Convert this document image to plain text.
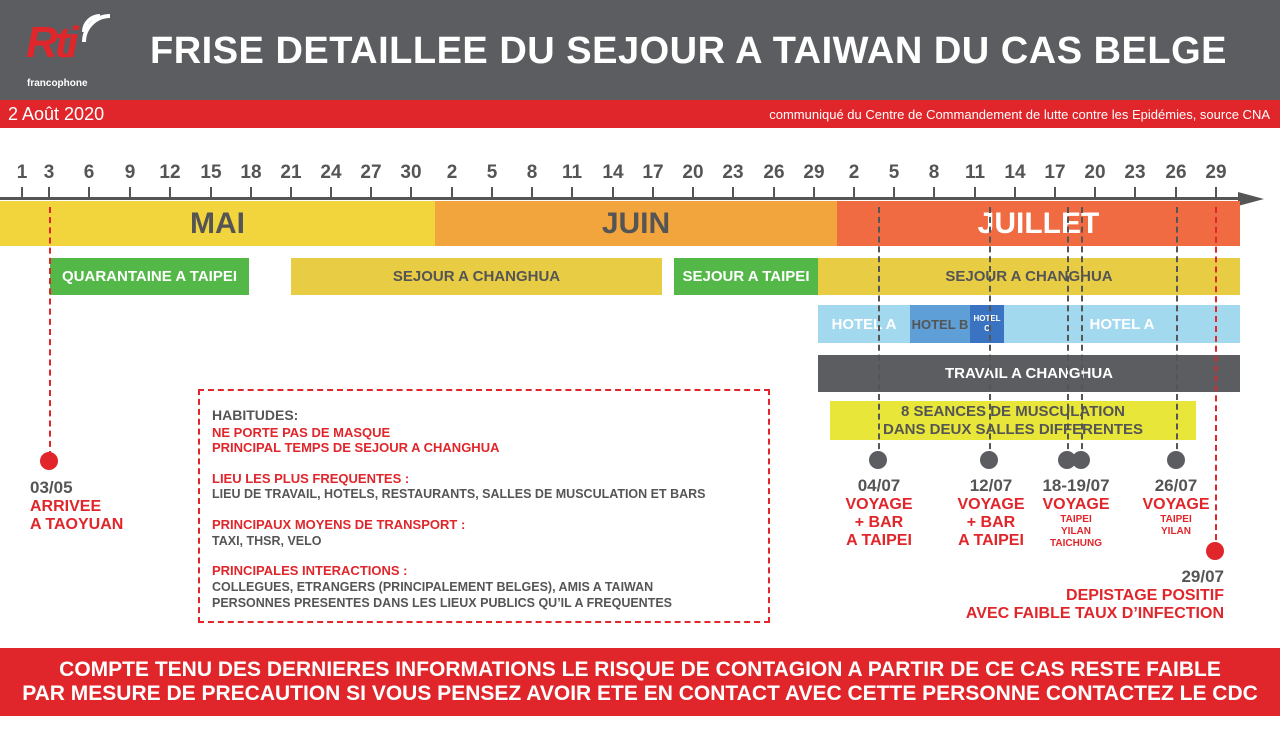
Rti
francophone
FRISE DETAILLEE DU SEJOUR A TAIWAN DU CAS BELGE
2 Août 2020	communiqué du Centre de Commandement de lutte contre les Epidémies, source CNA
1 3	6	9	12	15 18 21 24 27 30	2	5	8	11	14 17 20 23	26 29	2	5	8	11	14 17 20 23	26 29
MAI	JUIN	JUILLET
QUARANTAINE A TAIPEI	SEJOUR A CHANGHUA	SEJOUR A TAIPEI	SEJOUR A CHANGHUA
HOTEL A	HOTEL B HOTEL C	HOTEL A
TRAVAIL A CHANGHUA
8 SEANCES DE MUSCULATION
DANS DEUX SALLES DIFFERENTES
03/05
ARRIVEE
A TAOYUAN
04/07
VOYAGE
+ BAR
A TAIPEI
12/07
VOYAGE
+ BAR
A TAIPEI
18-19/07
VOYAGE
TAIPEI
YILAN
TAICHUNG
26/07
VOYAGE
TAIPEI
YILAN
29/07
DEPISTAGE POSITIF
AVEC FAIBLE TAUX D’INFECTION
HABITUDES:
NE PORTE PAS DE MASQUE
PRINCIPAL TEMPS DE SEJOUR A CHANGHUA
LIEU LES PLUS FREQUENTES :
LIEU DE TRAVAIL, HOTELS, RESTAURANTS, SALLES DE MUSCULATION ET BARS
PRINCIPAUX MOYENS DE TRANSPORT :
TAXI, THSR, VELO
PRINCIPALES INTERACTIONS :
COLLEGUES, ETRANGERS (PRINCIPALEMENT BELGES), AMIS A TAIWAN
PERSONNES PRESENTES DANS LES LIEUX PUBLICS QU’IL A FREQUENTES
COMPTE TENU DES DERNIERES INFORMATIONS LE RISQUE DE CONTAGION A PARTIR DE CE CAS RESTE FAIBLE
PAR MESURE DE PRECAUTION SI VOUS PENSEZ AVOIR ETE EN CONTACT AVEC CETTE PERSONNE CONTACTEZ LE CDC
